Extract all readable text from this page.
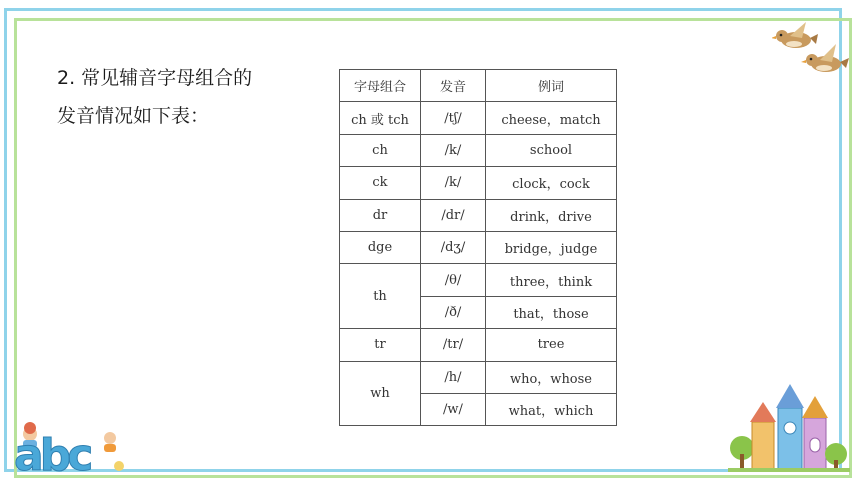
2. 常见辅音字母组合的
发音情况如下表：
字母组合	发音	例词
ch 或 tch	/tʃ/	cheese，match
ch	/k/	school
ck	/k/	clock，cock
dr	/dr/	drink，drive
dge	/dʒ/	bridge，judge
th	/θ/	three，think
	/ð/	that，those
tr	/tr/	tree
wh	/h/	who，whose
	/w/	what，which
abc
